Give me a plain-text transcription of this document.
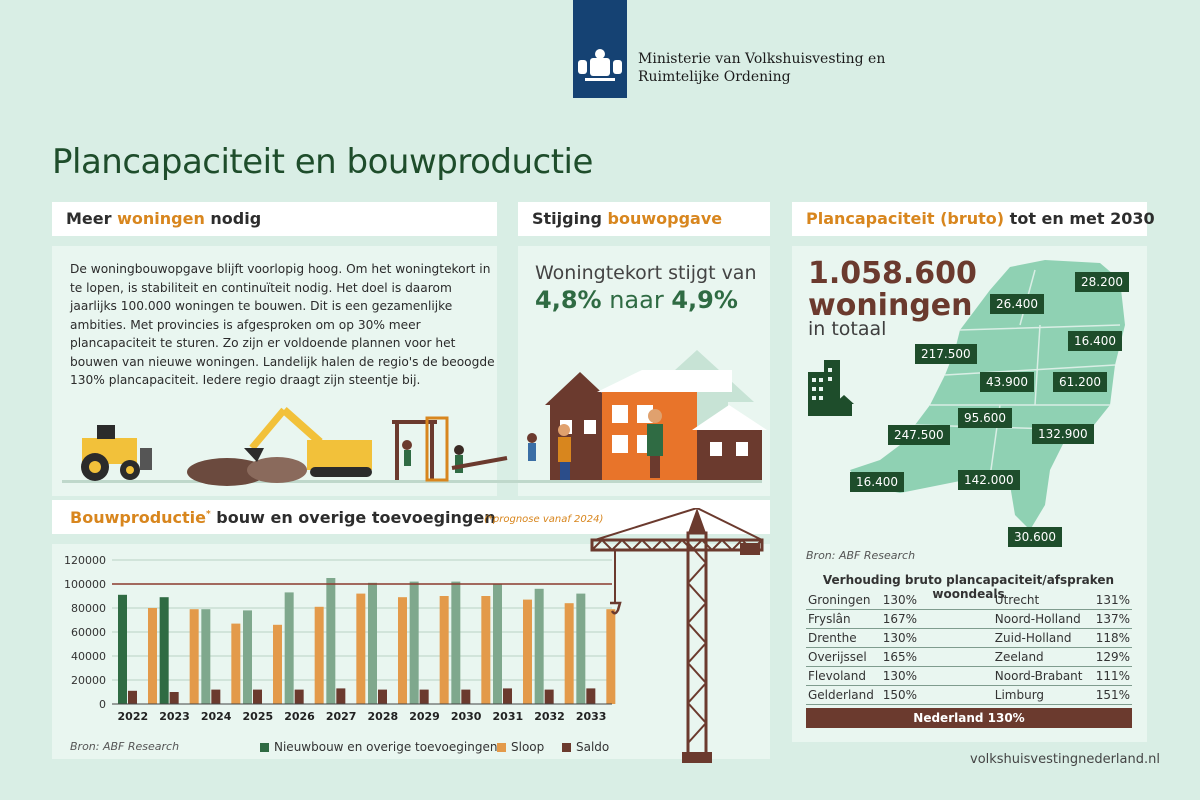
Ministerie van Volkshuisvesting en
Ruimtelijke Ordening
Plancapaciteit en bouwproductie
Meer woningen nodig
De woningbouwopgave blijft voorlopig hoog. Om het woningtekort in te lopen, is stabiliteit en continuïteit nodig. Het doel is daarom jaarlijks 100.000 woningen te bouwen. Dit is een gezamenlijke ambities. Met provincies is afgesproken om op 30% meer plancapaciteit te sturen. Zo zijn er voldoende plannen voor het bouwen van nieuwe woningen. Landelijk halen de regio's de beoogde 130% plancapaciteit. Iedere regio draagt zijn steentje bij.
Stijging bouwopgave
Woningtekort stijgt van
4,8% naar 4,9%
Plancapaciteit (bruto) tot en met 2030
28.200
26.400
16.400
217.500
43.900	61.200
95.600
132.900
247.500
142.000
16.400
30.600
1.058.600
woningen
in totaal
Bron: ABF Research
Verhouding bruto plancapaciteit/afspraken woondeals
Groningen	130%	Utrecht	131%
Fryslân	167%	Noord-Holland	137%
Drenthe	130%	Zuid-Holland	118%
Overijssel	165%	Zeeland	129%
Flevoland	130%	Noord-Brabant	111%
Gelderland	150%	Limburg	151%
Nederland 130%
Bouwproductie* bouw en overige toevoegingen
(*prognose vanaf 2024)
0
20000
40000
60000
80000
100000
120000
2022 2023 2024 2025 2026 2027 2028 2029 2030 2031 2032 2033
Bron: ABF Research	Nieuwbouw en overige toevoegingen Sloop	Saldo
volkshuisvestingnederland.nl
